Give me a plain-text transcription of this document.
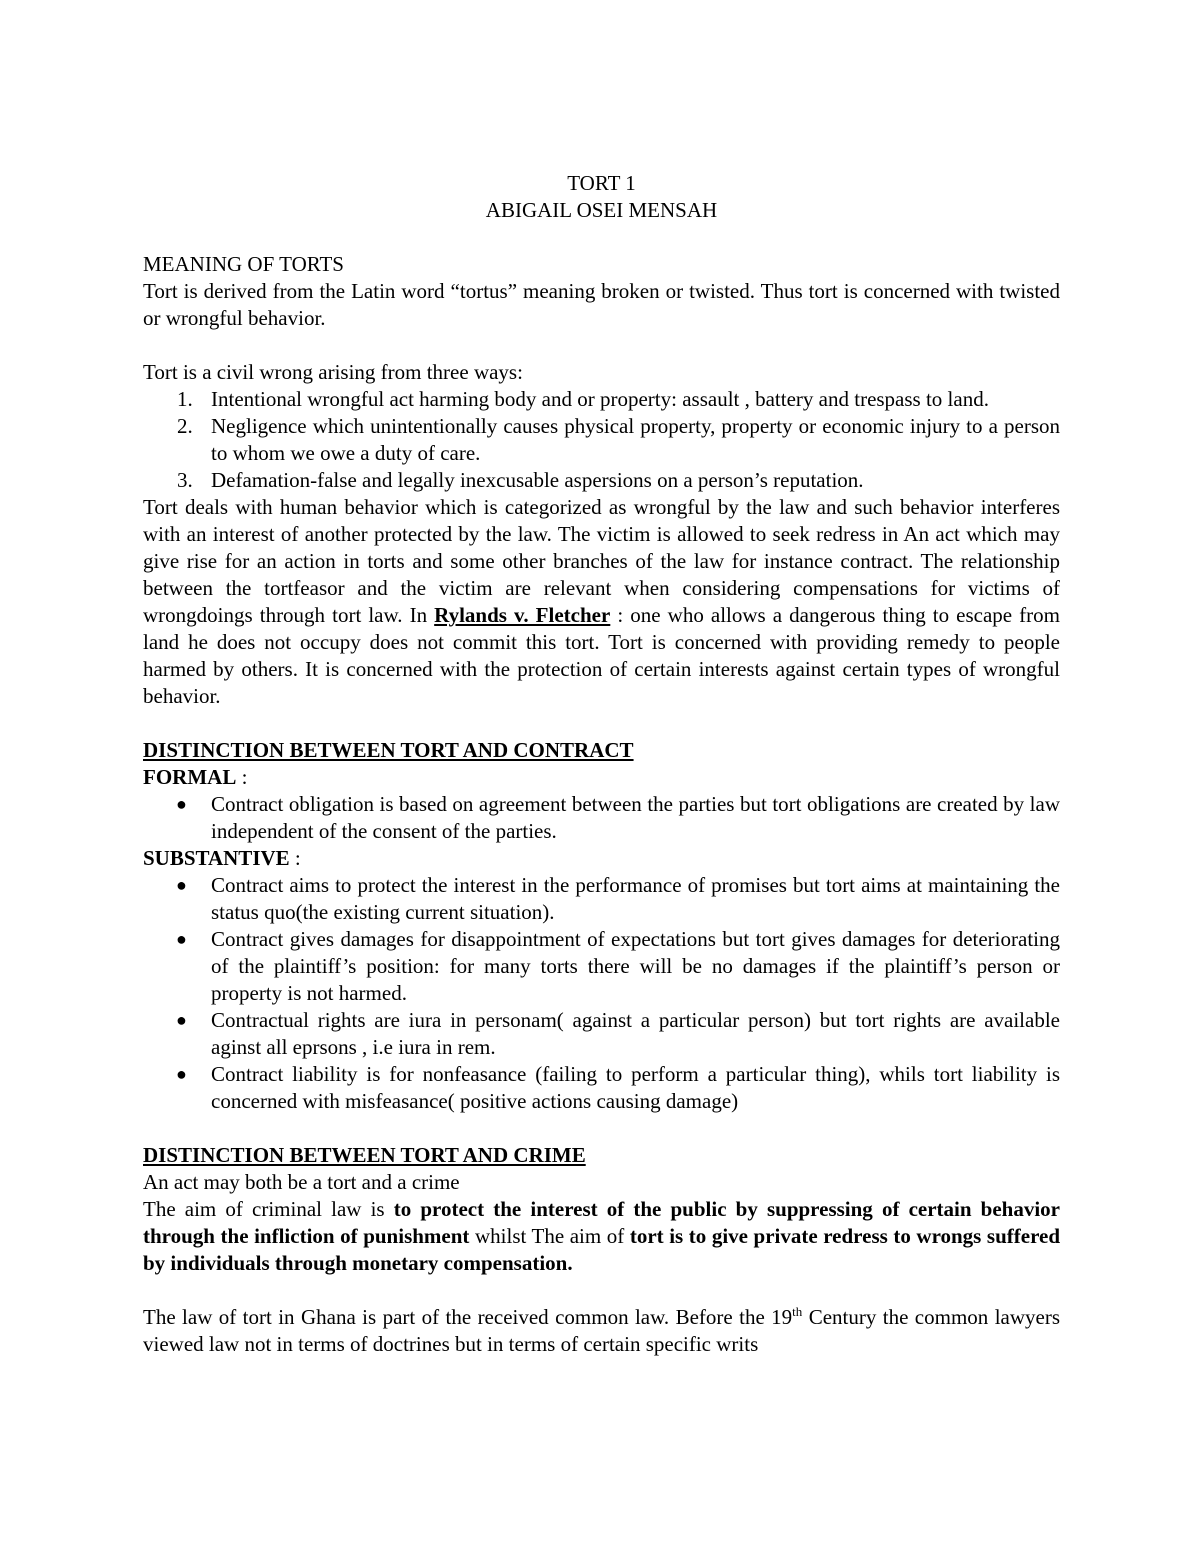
TORT 1

ABIGAIL OSEI MENSAH

MEANING OF TORTS

Tort is derived from the Latin word “tortus” meaning broken or twisted. Thus tort is concerned with twisted or wrongful behavior.

Tort is a civil wrong arising from three ways:

1. Intentional wrongful act harming body and or property: assault , battery and trespass to land.
2. Negligence which unintentionally causes physical property, property or economic injury to a person to whom we owe a duty of care.
3. Defamation-false and legally inexcusable aspersions on a person’s reputation.

Tort deals with human behavior which is categorized as wrongful by the law and such behavior interferes with an interest of another protected by the law. The victim is allowed to seek redress in An act which may give rise for an action in torts and some other branches of the law for instance contract. The relationship between the tortfeasor and the victim are relevant when considering compensations for victims of wrongdoings through tort law. In Rylands v. Fletcher : one who allows a dangerous thing to escape from land he does not occupy does not commit this tort. Tort is concerned with providing remedy to people harmed by others. It is concerned with the protection of certain interests against certain types of wrongful behavior.

DISTINCTION BETWEEN TORT AND CONTRACT

FORMAL :

● Contract obligation is based on agreement between the parties but tort obligations are created by law independent of the consent of the parties.

SUBSTANTIVE :

● Contract aims to protect the interest in the performance of promises but tort aims at maintaining the status quo(the existing current situation).
● Contract gives damages for disappointment of expectations but tort gives damages for deteriorating of the plaintiff’s position: for many torts there will be no damages if the plaintiff’s person or property is not harmed.
● Contractual rights are iura in personam( against a particular person) but tort rights are available aginst all eprsons , i.e iura in rem.
● Contract liability is for nonfeasance (failing to perform a particular thing), whils tort liability is concerned with misfeasance( positive actions causing damage)

DISTINCTION BETWEEN TORT AND CRIME

An act may both be a tort and a crime

The aim of criminal law is to protect the interest of the public by suppressing of certain behavior through the infliction of punishment whilst The aim of tort is to give private redress to wrongs suffered by individuals through monetary compensation.

The law of tort in Ghana is part of the received common law. Before the 19th Century the common lawyers viewed law not in terms of doctrines but in terms of certain specific writs
